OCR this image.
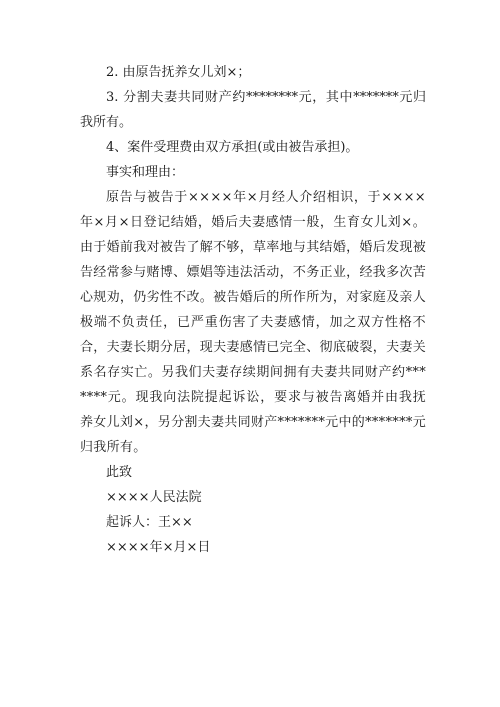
2. 由原告抚养女儿刘×；

3. 分割夫妻共同财产约********元，其中*******元归我所有。

4、案件受理费由双方承担(或由被告承担)。

事实和理由：

原告与被告于××××年×月经人介绍相识，于××××年×月×日登记结婚，婚后夫妻感情一般，生育女儿刘×。由于婚前我对被告了解不够，草率地与其结婚，婚后发现被告经常参与赌博、嫖娼等违法活动，不务正业，经我多次苦心规劝，仍劣性不改。被告婚后的所作所为，对家庭及亲人极端不负责任，已严重伤害了夫妻感情，加之双方性格不合，夫妻长期分居，现夫妻感情已完全、彻底破裂，夫妻关系名存实亡。另我们夫妻存续期间拥有夫妻共同财产约*******元。现我向法院提起诉讼，要求与被告离婚并由我抚养女儿刘×，另分割夫妻共同财产*******元中的*******元归我所有。

此致

××××人民法院

起诉人：王××

××××年×月×日
